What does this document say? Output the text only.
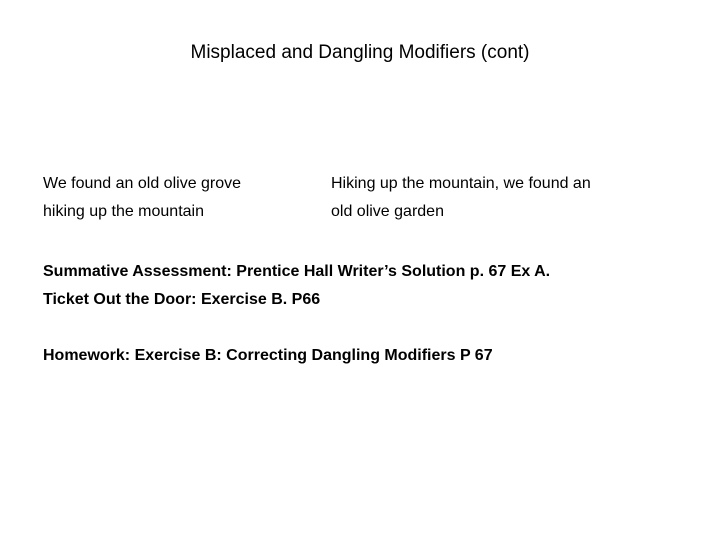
Misplaced and Dangling Modifiers (cont)
We found an old olive grove
hiking up the mountain
Hiking up the mountain, we found an
old olive garden
Summative Assessment: Prentice Hall Writer’s Solution p. 67 Ex A.
Ticket Out the Door: Exercise B. P66
Homework: Exercise B: Correcting Dangling Modifiers P 67
